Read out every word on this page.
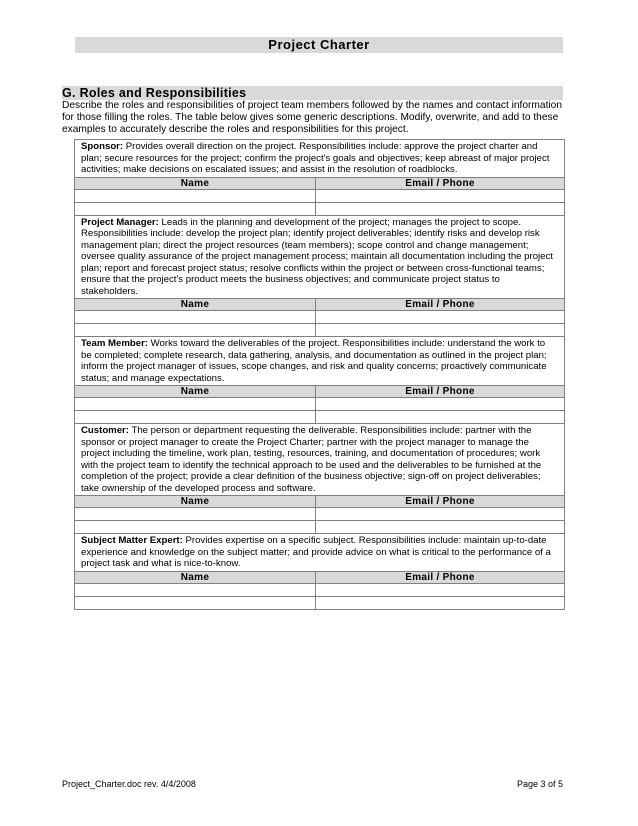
Project Charter
G. Roles and Responsibilities
Describe the roles and responsibilities of project team members followed by the names and contact information for those filling the roles. The table below gives some generic descriptions. Modify, overwrite, and add to these examples to accurately describe the roles and responsibilities for this project.
Sponsor: Provides overall direction on the project. Responsibilities include: approve the project charter and plan; secure resources for the project; confirm the project's goals and objectives; keep abreast of major project activities; make decisions on escalated issues; and assist in the resolution of roadblocks.	
Name	Email / Phone

Project Manager: Leads in the planning and development of the project; manages the project to scope. Responsibilities include: develop the project plan; identify project deliverables; identify risks and develop risk management plan; direct the project resources (team members); scope control and change management; oversee quality assurance of the project management process; maintain all documentation including the project plan; report and forecast project status; resolve conflicts within the project or between cross-functional teams; ensure that the project's product meets the business objectives; and communicate project status to stakeholders.	
Name	Email / Phone

Team Member: Works toward the deliverables of the project. Responsibilities include: understand the work to be completed; complete research, data gathering, analysis, and documentation as outlined in the project plan; inform the project manager of issues, scope changes, and risk and quality concerns; proactively communicate status; and manage expectations.	
Name	Email / Phone

Customer: The person or department requesting the deliverable. Responsibilities include: partner with the sponsor or project manager to create the Project Charter; partner with the project manager to manage the project including the timeline, work plan, testing, resources, training, and documentation of procedures; work with the project team to identify the technical approach to be used and the deliverables to be furnished at the completion of the project; provide a clear definition of the business objective; sign-off on project deliverables; take ownership of the developed process and software.	
Name	Email / Phone

Subject Matter Expert: Provides expertise on a specific subject. Responsibilities include: maintain up-to-date experience and knowledge on the subject matter; and provide advice on what is critical to the performance of a project task and what is nice-to-know.	
Name	Email / Phone

Project_Charter.doc rev. 4/4/2008	Page 3 of 5
